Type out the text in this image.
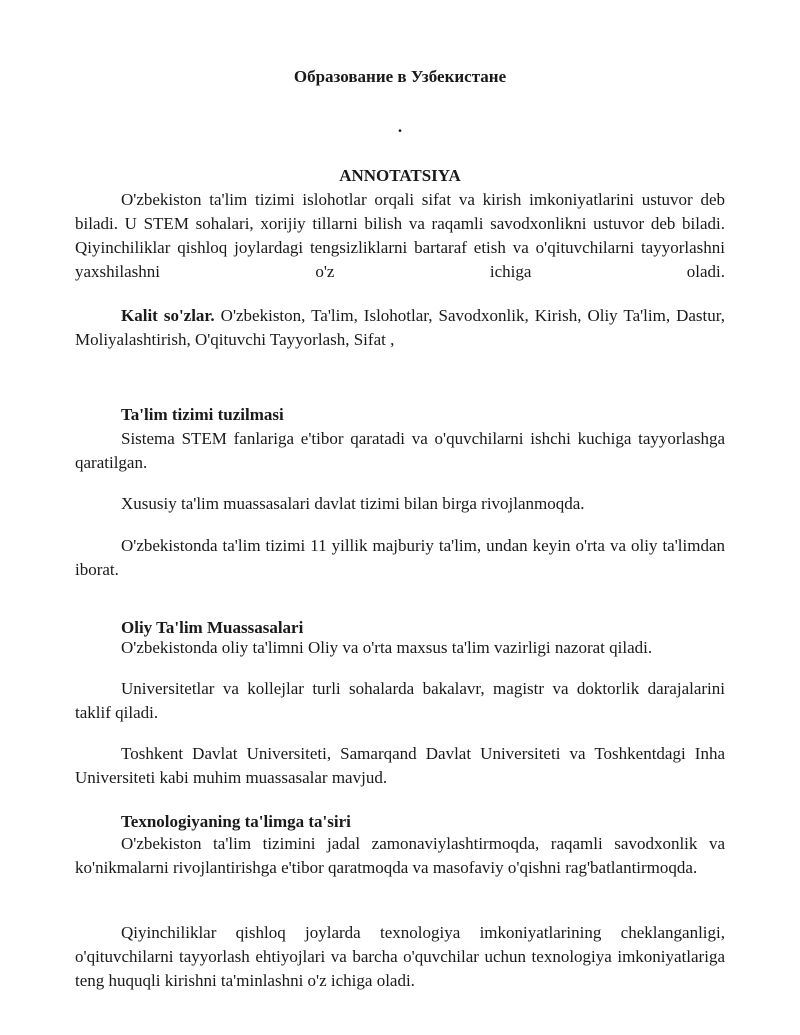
Образование в Узбекистане
.
ANNOTATSIYA

O'zbekiston ta'lim tizimi islohotlar orqali sifat va kirish imkoniyatlarini ustuvor deb biladi. U STEM sohalari, xorijiy tillarni bilish va raqamli savodxonlikni ustuvor deb biladi. Qiyinchiliklar qishloq joylardagi tengsizliklarni bartaraf etish va o'qituvchilarni tayyorlashni yaxshilashni o'z ichiga oladi.

Kalit so'zlar. O'zbekiston, Ta'lim, Islohotlar, Savodxonlik, Kirish, Oliy Ta'lim, Dastur, Moliyalashtirish, O'qituvchi Tayyorlash, Sifat ,

Ta'lim tizimi tuzilmasi

Sistema STEM fanlariga e'tibor qaratadi va o'quvchilarni ishchi kuchiga tayyorlashga qaratilgan.

Xususiy ta'lim muassasalari davlat tizimi bilan birga rivojlanmoqda.

O'zbekistonda ta'lim tizimi 11 yillik majburiy ta'lim, undan keyin o'rta va oliy ta'limdan iborat.

Oliy Ta'lim Muassasalari

O'zbekistonda oliy ta'limni Oliy va o'rta maxsus ta'lim vazirligi nazorat qiladi.

Universitetlar va kollejlar turli sohalarda bakalavr, magistr va doktorlik darajalarini taklif qiladi.

Toshkent Davlat Universiteti, Samarqand Davlat Universiteti va Toshkentdagi Inha Universiteti kabi muhim muassasalar mavjud.

Texnologiyaning ta'limga ta'siri

O'zbekiston ta'lim tizimini jadal zamonaviylashtirmoqda, raqamli savodxonlik va ko'nikmalarni rivojlantirishga e'tibor qaratmoqda va masofaviy o'qishni rag'batlantirmoqda.

Qiyinchiliklar qishloq joylarda texnologiya imkoniyatlarining cheklanganligi, o'qituvchilarni tayyorlash ehtiyojlari va barcha o'quvchilar uchun texnologiya imkoniyatlariga teng huquqli kirishni ta'minlashni o'z ichiga oladi.
